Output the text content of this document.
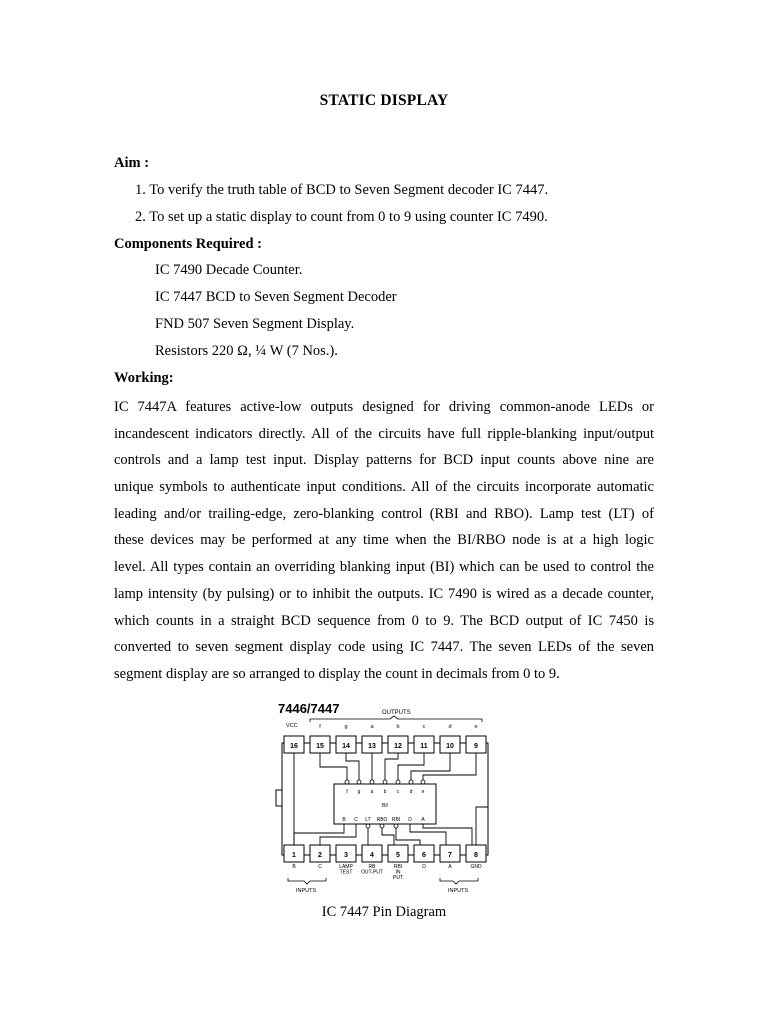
STATIC DISPLAY
Aim :
1. To verify the truth table of BCD to Seven Segment decoder IC 7447.
2. To set up a static display to count from 0 to 9 using counter IC 7490.
Components Required :
IC 7490 Decade Counter.
IC 7447 BCD to Seven Segment Decoder
FND 507 Seven Segment Display.
Resistors 220 Ω, ¼ W (7 Nos.).
Working:
IC 7447A features active-low outputs designed for driving common-anode LEDs or
incandescent indicators directly. All of the circuits have full ripple-blanking input/output
controls and a lamp test input. Display patterns for BCD input counts above nine are
unique symbols to authenticate input conditions. All of the circuits incorporate automatic
leading and/or trailing-edge, zero-blanking control (RBI and RBO). Lamp test (LT) of
these devices may be performed at any time when the BI/RBO node is at a high logic
level. All types contain an overriding blanking input (BI) which can be used to control the
lamp intensity (by pulsing) or to inhibit the outputs. IC 7490 is wired as a decade counter,
which counts in a straight BCD sequence from 0 to 9. The BCD output of IC 7450 is
converted to seven segment display code using IC 7447. The seven LEDs of the seven
segment display are so arranged to display the count in decimals from 0 to 9.
7446/7447	OUTPUTS
VCC	f	g	a	b	c	d	e
16	15	14	13	12	11	10	9
1	2	3	4	5	6	7	8
f g a b c d e
BI/
B C LT RBO RBI D A
B	C	LAMP TEST
RB OUT-PUT
RBI IN PUT
D	A	GND
INPUTS	INPUTS
IC 7447 Pin Diagram
